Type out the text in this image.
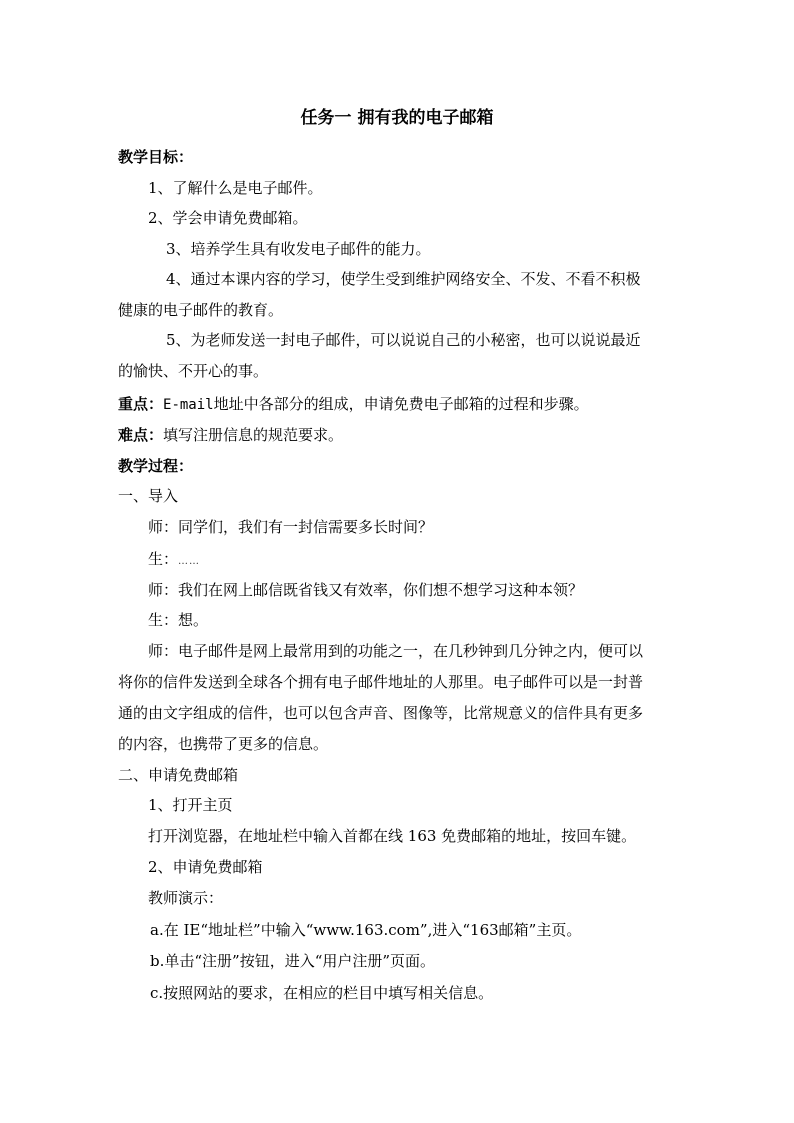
任务一 拥有我的电子邮箱

教学目标：

1、了解什么是电子邮件。

2、学会申请免费邮箱。

3、培养学生具有收发电子邮件的能力。

4、通过本课内容的学习，使学生受到维护网络安全、不发、不看不积极

健康的电子邮件的教育。

5、为老师发送一封电子邮件，可以说说自己的小秘密，也可以说说最近

的愉快、不开心的事。

重点：E-mail地址中各部分的组成，申请免费电子邮箱的过程和步骤。

难点：填写注册信息的规范要求。

教学过程：

一、导入

师：同学们，我们有一封信需要多长时间？

生：……

师：我们在网上邮信既省钱又有效率，你们想不想学习这种本领？

生：想。

师：电子邮件是网上最常用到的功能之一，在几秒钟到几分钟之内，便可以

将你的信件发送到全球各个拥有电子邮件地址的人那里。电子邮件可以是一封普

通的由文字组成的信件，也可以包含声音、图像等，比常规意义的信件具有更多

的内容，也携带了更多的信息。

二、申请免费邮箱

1、打开主页

打开浏览器，在地址栏中输入首都在线 163 免费邮箱的地址，按回车键。

2、申请免费邮箱

教师演示：

a.在 IE“地址栏”中输入“www.163.com”,进入“163邮箱”主页。

b.单击“注册”按钮，进入“用户注册”页面。

c.按照网站的要求，在相应的栏目中填写相关信息。
